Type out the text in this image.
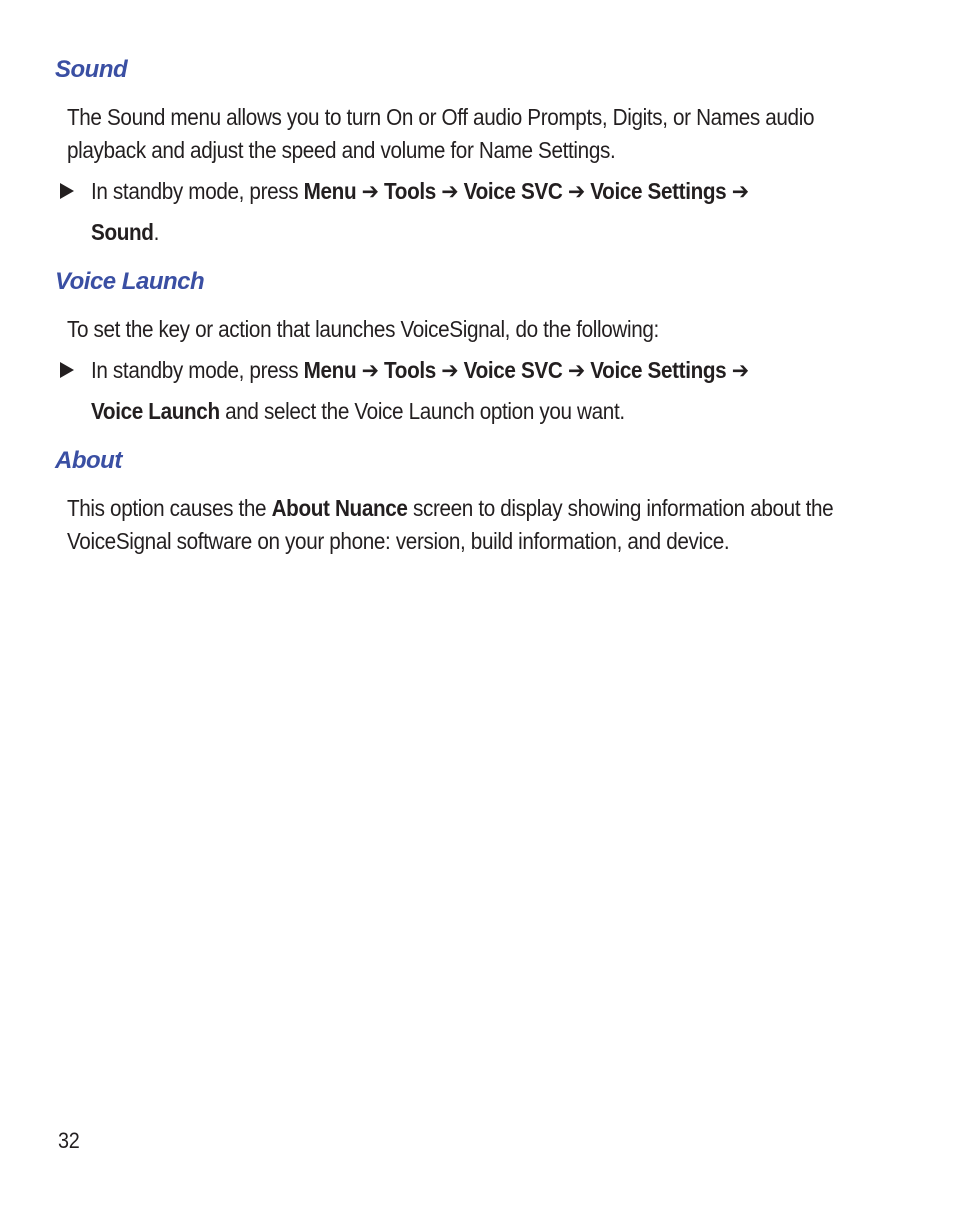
Sound

The Sound menu allows you to turn On or Off audio Prompts, Digits, or Names audio playback and adjust the speed and volume for Name Settings.

In standby mode, press Menu ➔ Tools ➔ Voice SVC ➔ Voice Settings ➔
Sound.
Voice Launch

To set the key or action that launches VoiceSignal, do the following:

In standby mode, press Menu ➔ Tools ➔ Voice SVC ➔ Voice Settings ➔
Voice Launch and select the Voice Launch option you want.
About

This option causes the About Nuance screen to display showing information about the VoiceSignal software on your phone: version, build information, and device.

32
